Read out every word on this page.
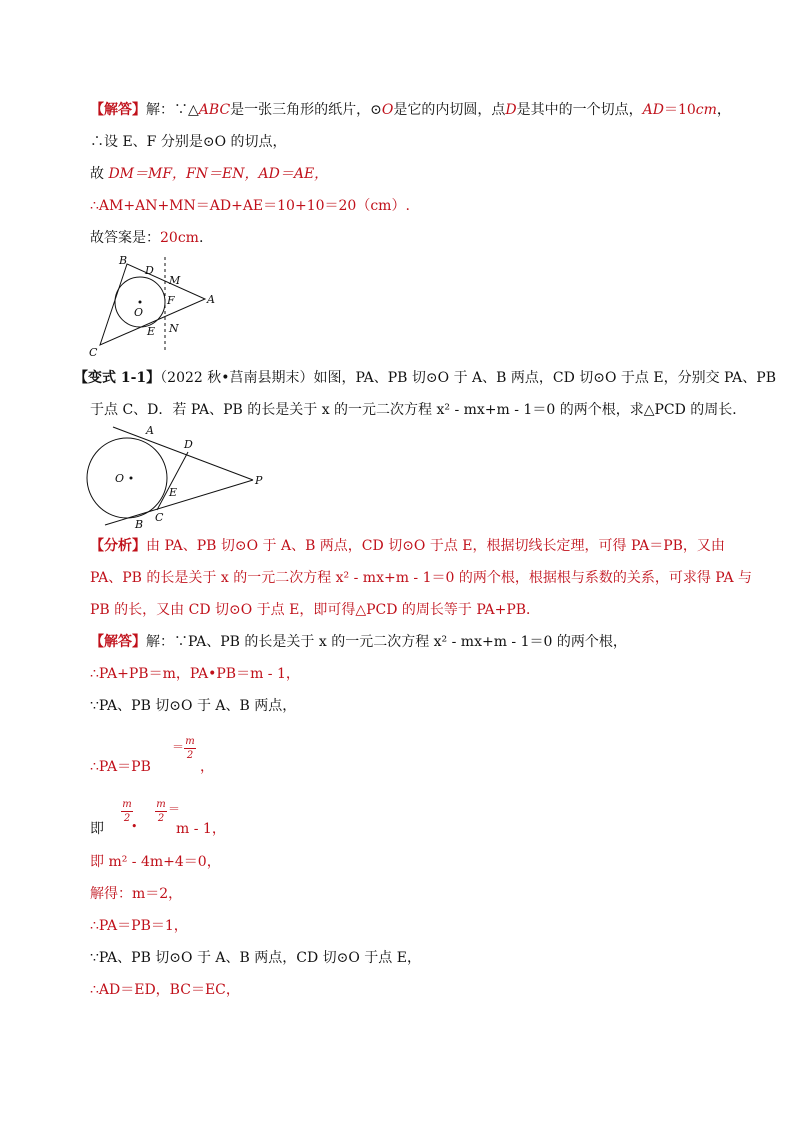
【解答】解：∵△ABC是一张三角形的纸片，⊙O是它的内切圆，点D是其中的一个切点，AD＝10cm，
∴设 E、F 分别是⊙O 的切点，
故 DM＝MF，FN＝EN，AD＝AE，
∴AM+AN+MN＝AD+AE＝10+10＝20（cm）.
故答案是：20cm.
B
D
M
F	A
O
E N
C
【变式 1-1】（2022 秋•莒南县期末）如图，PA、PB 切⊙O 于 A、B 两点，CD 切⊙O 于点 E，分别交 PA、PB
于点 C、D．若 PA、PB 的长是关于 x 的一元二次方程 x² - mx+m - 1＝0 的两个根，求△PCD 的周长．
A
D
O
E
P
B
C
【分析】由 PA、PB 切⊙O 于 A、B 两点，CD 切⊙O 于点 E，根据切线长定理，可得 PA＝PB，又由
PA、PB 的长是关于 x 的一元二次方程 x² - mx+m - 1＝0 的两个根，根据根与系数的关系，可求得 PA 与
PB 的长，又由 CD 切⊙O 于点 E，即可得△PCD 的周长等于 PA+PB．
【解答】解：∵PA、PB 的长是关于 x 的一元二次方程 x² - mx+m - 1＝0 的两个根，
∴PA+PB＝m，PA•PB＝m - 1，
∵PA、PB 切⊙O 于 A、B 两点，
∴PA＝PB
＝ m
2
，
即
m
2
•
m
2
＝
m - 1，
即 m² - 4m+4＝0，
解得：m＝2，
∴PA＝PB＝1，
∵PA、PB 切⊙O 于 A、B 两点，CD 切⊙O 于点 E，
∴AD＝ED，BC＝EC，
